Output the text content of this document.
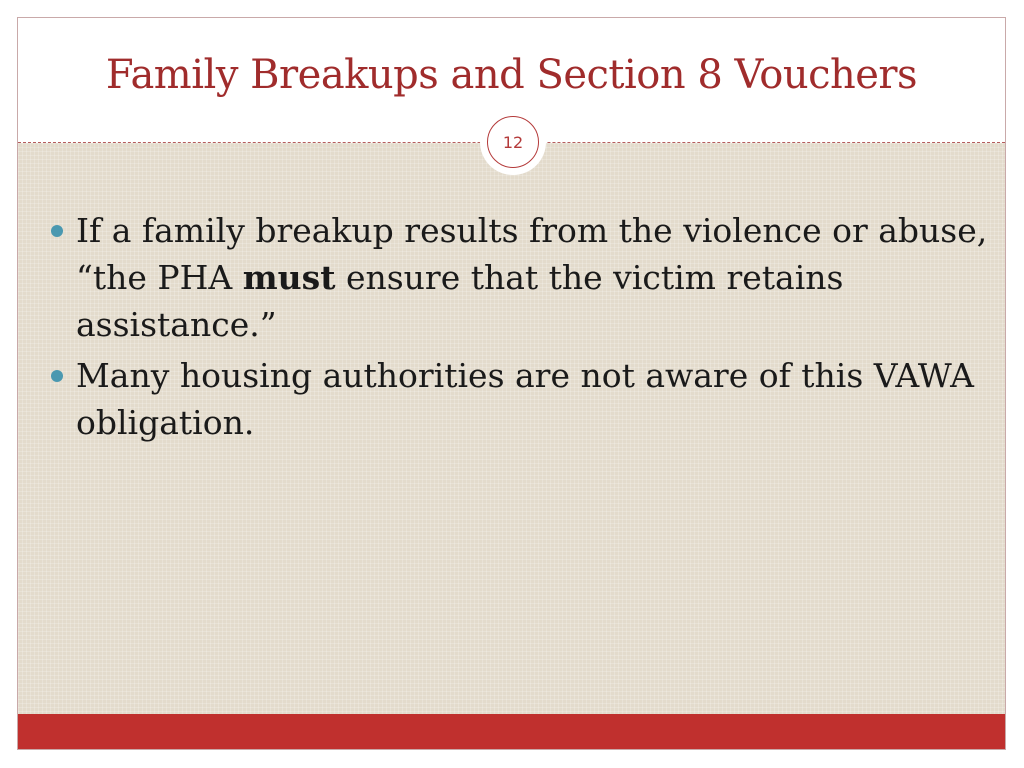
Family Breakups and Section 8 Vouchers
12
If a family breakup results from the violence or abuse, “the PHA must ensure that the victim retains assistance.”
Many housing authorities are not aware of this VAWA obligation.
